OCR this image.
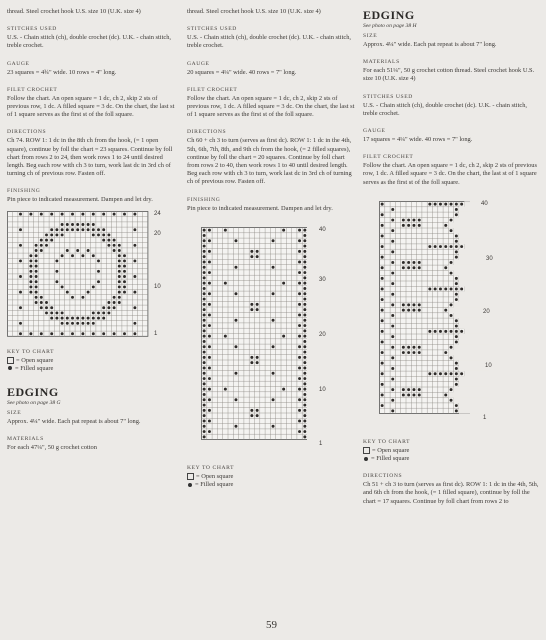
thread. Steel crochet hook U.S. size 10 (U.K. size 4)

STITCHES USED

U.S. - Chain stitch (ch), double crochet (dc). U.K. - chain stitch, treble crochet.

GAUGE

23 squares = 4¾" wide. 10 rows = 4" long.

FILET CROCHET

Follow the chart. An open square = 1 dc, ch 2, skip 2 sts of previous row, 1 dc. A filled square = 3 dc. On the chart, the last st of 1 square serves as the first st of the foll square.

DIRECTIONS

Ch 74. ROW 1: 1 dc in the 8th ch from the hook, (= 1 open square), continue by foll the chart = 23 squares. Continue by foll chart from rows 2 to 24, then work rows 1 to 24 until desired length. Beg each row with ch 3 to turn, work last dc in 3rd ch of turning ch of previous row. Fasten off.

FINISHING

Pin piece to indicated measurement. Dampen and let dry.

24
20
10
1

KEY TO CHART

= Open square

= Filled square

EDGING

See photo on page 38 G

SIZE

Approx. 4¼" wide. Each pat repeat is about 7" long.

MATERIALS

For each 47¼", 50 g crochet cotton

thread. Steel crochet hook U.S. size 10 (U.K. size 4)

STITCHES USED

U.S. - Chain stitch (ch), double crochet (dc). U.K. - chain stitch, treble crochet.

GAUGE

20 squares = 4¼" wide. 40 rows = 7" long.

FILET CROCHET

Follow the chart. An open square = 1 dc, ch 2, skip 2 sts of previous row, 1 dc. A filled square = 3 dc. On the chart, the last st of 1 square serves as the first st of the foll square.

DIRECTIONS

Ch 60 + ch 3 to turn (serves as first dc). ROW 1: 1 dc in the 4th, 5th, 6th, 7th, 8th, and 9th ch from the hook, (= 2 filled squares), continue by foll the chart = 20 squares. Continue by foll chart from rows 2 to 40, then work rows 1 to 40 until desired length. Beg each row with ch 3 to turn, work last dc in 3rd ch of turning ch of previous row. Fasten off.

FINISHING

Pin piece to indicated measurement. Dampen and let dry.

40
30
20
10
1

KEY TO CHART

= Open square

= Filled square

EDGING

See photo on page 38 H

SIZE

Approx. 4¼" wide. Each pat repeat is about 7" long.

MATERIALS

For each 51¼", 50 g crochet cotton thread. Steel crochet hook U.S. size 10 (U.K. size 4)

STITCHES USED

U.S. - Chain stitch (ch), double crochet (dc). U.K. - chain stitch, treble crochet.

GAUGE

17 squares = 4¼" wide. 40 rows = 7" long.

FILET CROCHET

Follow the chart. An open square = 1 dc, ch 2, skip 2 sts of previous row, 1 dc. A filled square = 3 dc. On the chart, the last st of 1 square serves as the first st of the foll square.

40
30
20
10
1

KEY TO CHART

= Open square

= Filled square

DIRECTIONS

Ch 51 + ch 3 to turn (serves as first dc). ROW 1: 1 dc in the 4th, 5th, and 6th ch from the hook, (= 1 filled square), continue by foll the chart = 17 squares. Continue by foll chart from rows 2 to

59
